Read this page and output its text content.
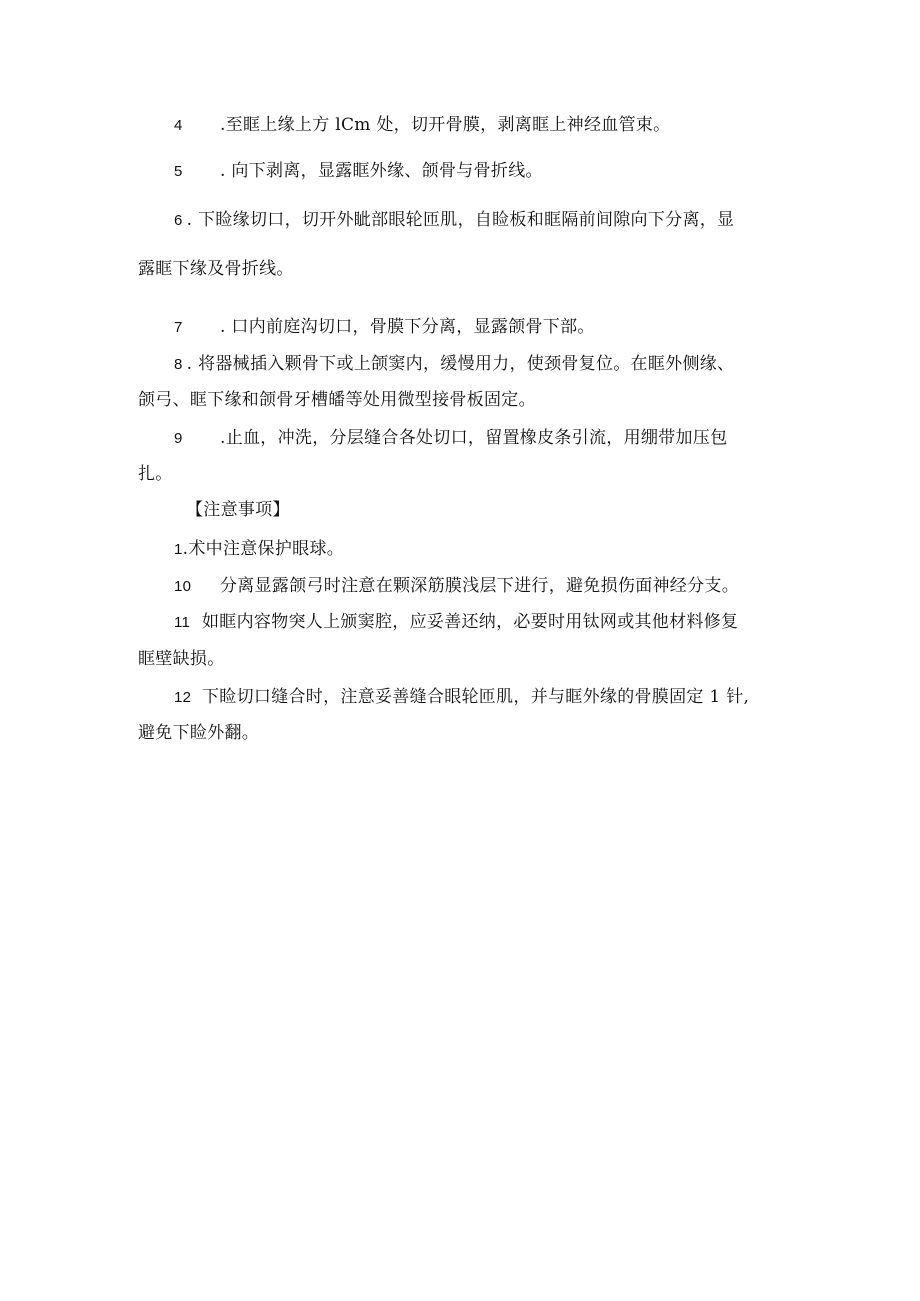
4 .至眶上缘上方 lCm 处，切开骨膜，剥离眶上神经血管束。
5 . 向下剥离，显露眶外缘、颌骨与骨折线。
6 . 下睑缘切口，切开外眦部眼轮匝肌，自睑板和眶隔前间隙向下分离，显
露眶下缘及骨折线。
7 . 口内前庭沟切口，骨膜下分离，显露颌骨下部。
8 . 将器械插入颗骨下或上颌窦内，缓慢用力，使颈骨复位。在眶外侧缘、
颌弓、眶下缘和颌骨牙槽皤等处用微型接骨板固定。
9 .止血，冲洗，分层缝合各处切口，留置橡皮条引流，用绷带加压包
扎。
【注意事项】
1.术中注意保护眼球。
10 分离显露颌弓时注意在颗深筋膜浅层下进行，避免损伤面神经分支。
11 如眶内容物突人上颁窦腔，应妥善还纳，必要时用钛网或其他材料修复
眶壁缺损。
12 下睑切口缝合时，注意妥善缝合眼轮匝肌，并与眶外缘的骨膜固定 1 针,
避免下睑外翻。
